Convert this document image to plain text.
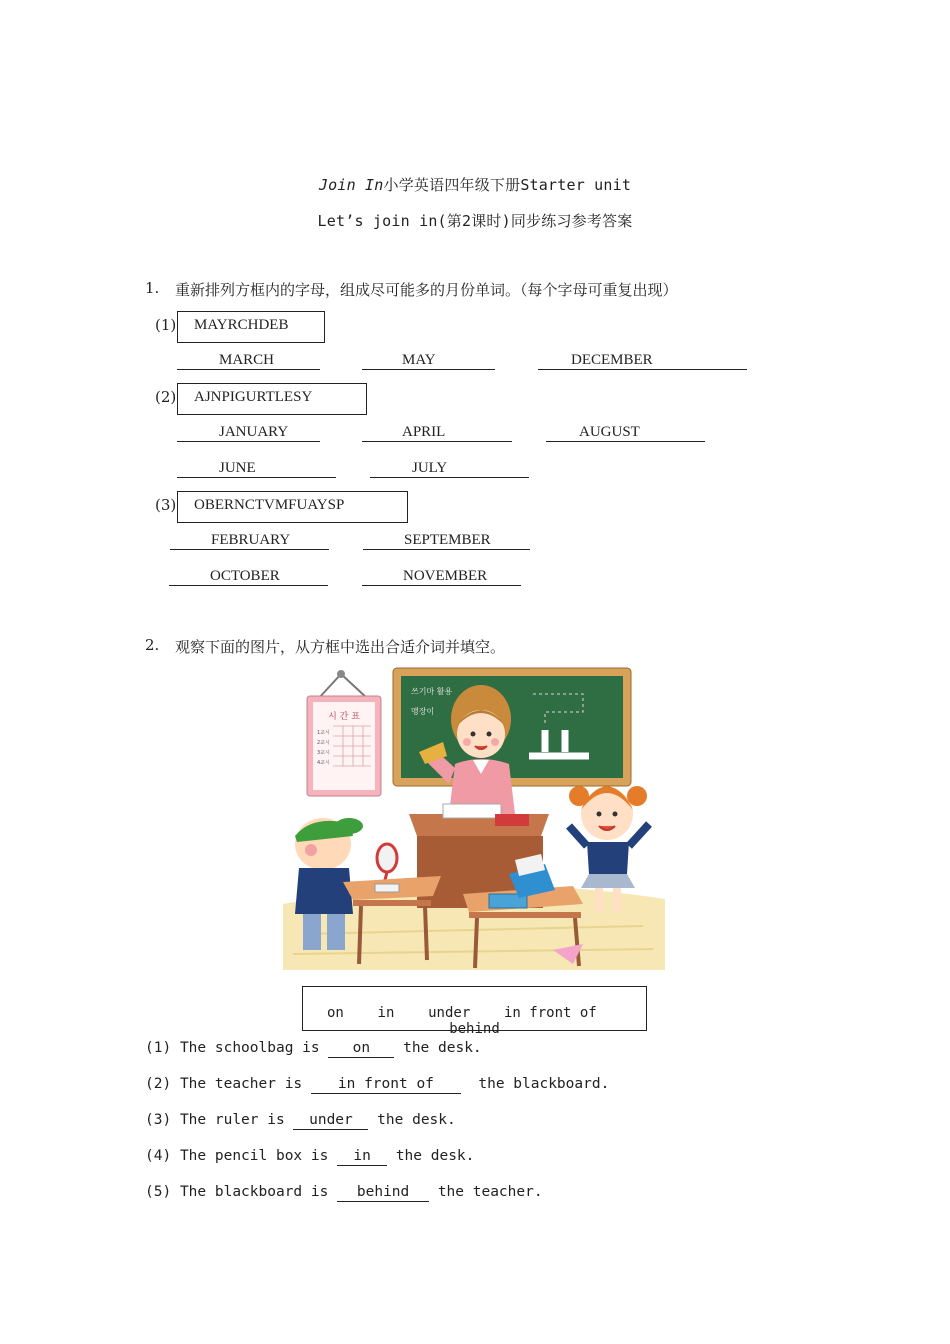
Join In小学英语四年级下册Starter unit
Let’s join in(第2课时)同步练习参考答案
1. 重新排列方框内的字母，组成尽可能多的月份单词。（每个字母可重复出现）
(1)	MAYRCHDEB
MARCH	MAY	DECEMBER
(2)	AJNPIGURTLESY
JANUARY	APRIL	AUGUST
JUNE	JULY
(3)	OBERNCTVMFUAYSP
FEBRUARY	SEPTEMBER
OCTOBER	NOVEMBER
2. 观察下面的图片，从方框中选出合适介词并填空。
시 간 표
1교시
2교시
3교시
4교시
쓰기마 활용
맹장이
on in under in front of    behind
(1) The schoolbag is on the desk.
(2) The teacher is in front of	the blackboard.
(3) The ruler is under the desk.
(4) The pencil box is in the desk.
(5) The blackboard is behind the teacher.
